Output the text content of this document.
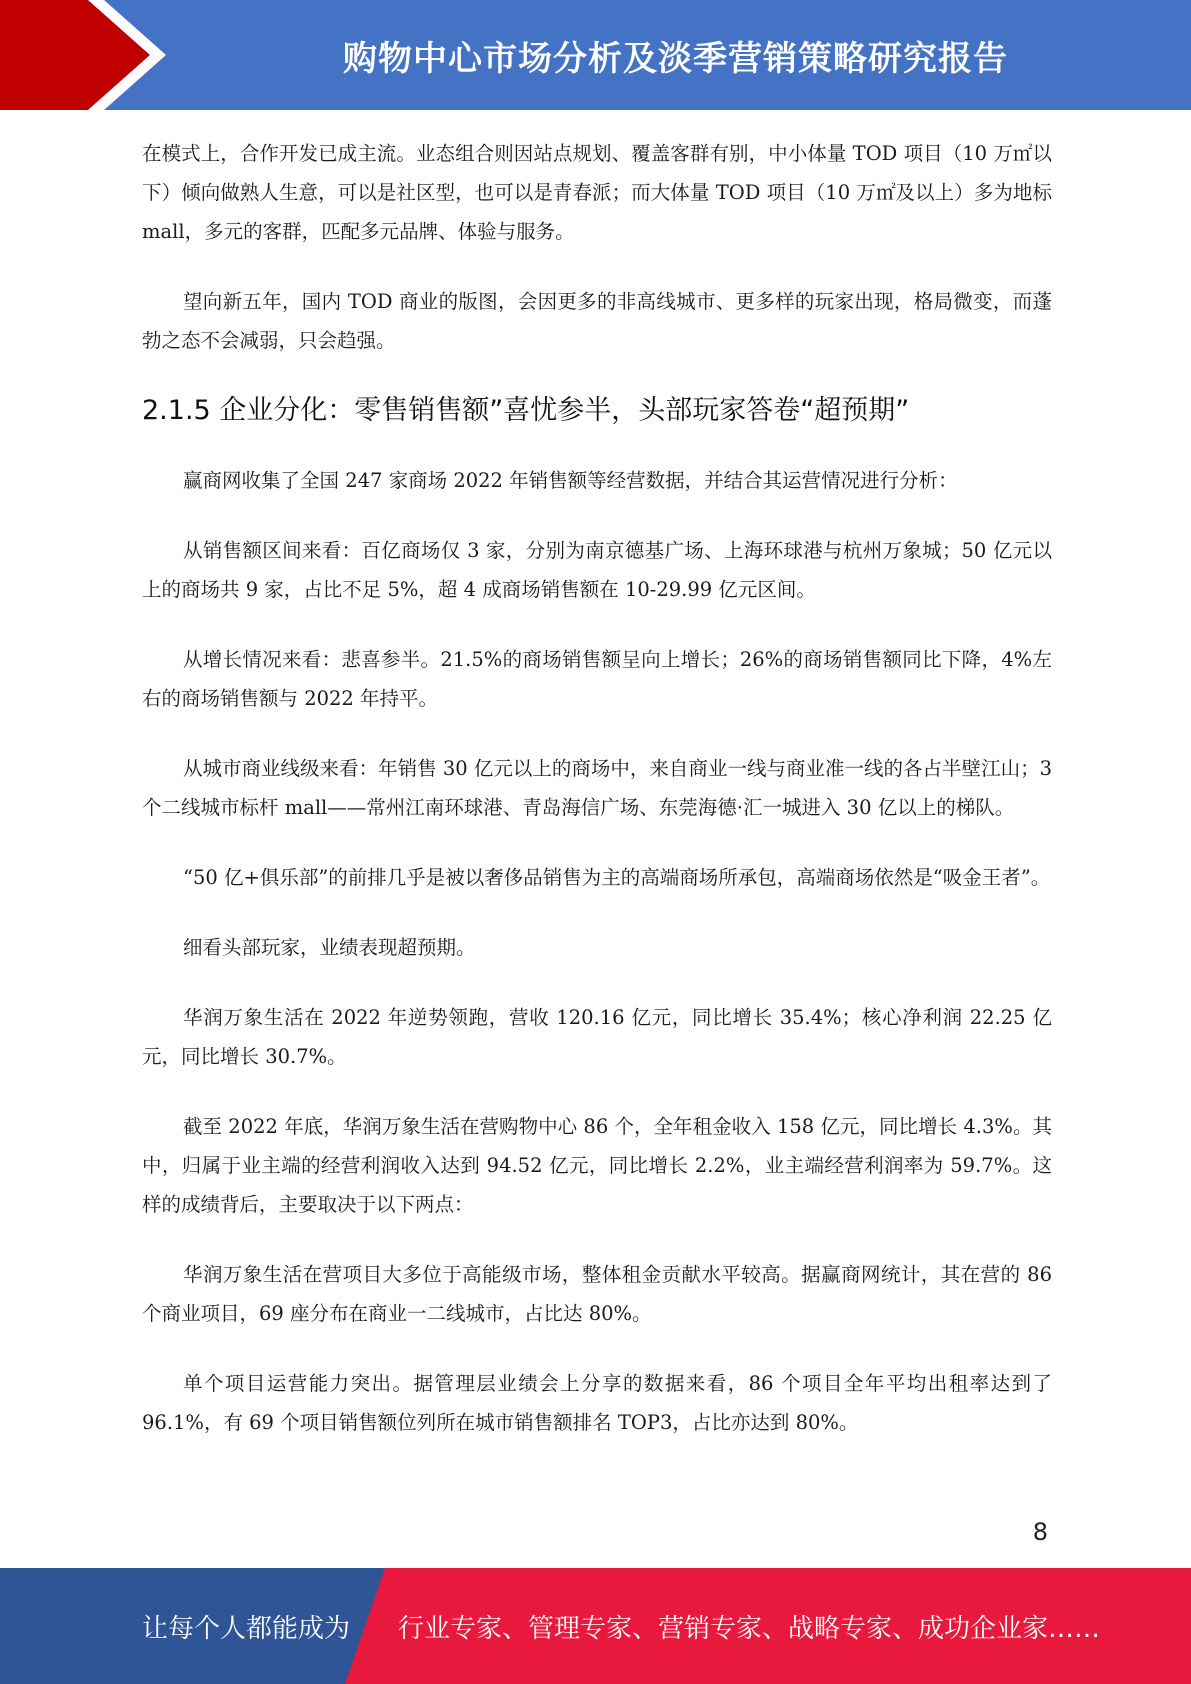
购物中心市场分析及淡季营销策略研究报告

在模式上，合作开发已成主流。业态组合则因站点规划、覆盖客群有别，中小体量 TOD 项目（10 万㎡以下）倾向做熟人生意，可以是社区型，也可以是青春派；而大体量 TOD 项目（10 万㎡及以上）多为地标 mall，多元的客群，匹配多元品牌、体验与服务。

望向新五年，国内 TOD 商业的版图，会因更多的非高线城市、更多样的玩家出现，格局微变，而蓬勃之态不会减弱，只会趋强。

2.1.5 企业分化：零售销售额”喜忧参半，头部玩家答卷“超预期”

赢商网收集了全国 247 家商场 2022 年销售额等经营数据，并结合其运营情况进行分析：

从销售额区间来看：百亿商场仅 3 家，分别为南京德基广场、上海环球港与杭州万象城；50 亿元以上的商场共 9 家，占比不足 5%，超 4 成商场销售额在 10-29.99 亿元区间。

从增长情况来看：悲喜参半。21.5%的商场销售额呈向上增长；26%的商场销售额同比下降，4%左右的商场销售额与 2022 年持平。

从城市商业线级来看：年销售 30 亿元以上的商场中，来自商业一线与商业准一线的各占半壁江山；3 个二线城市标杆 mall——常州江南环球港、青岛海信广场、东莞海德·汇一城进入 30 亿以上的梯队。

“50 亿+俱乐部”的前排几乎是被以奢侈品销售为主的高端商场所承包，高端商场依然是“吸金王者”。

细看头部玩家，业绩表现超预期。

华润万象生活在 2022 年逆势领跑，营收 120.16 亿元，同比增长 35.4%；核心净利润 22.25 亿元，同比增长 30.7%。

截至 2022 年底，华润万象生活在营购物中心 86 个，全年租金收入 158 亿元，同比增长 4.3%。其中，归属于业主端的经营利润收入达到 94.52 亿元，同比增长 2.2%，业主端经营利润率为 59.7%。这样的成绩背后，主要取决于以下两点：

华润万象生活在营项目大多位于高能级市场，整体租金贡献水平较高。据赢商网统计，其在营的 86 个商业项目，69 座分布在商业一二线城市，占比达 80%。

单个项目运营能力突出。据管理层业绩会上分享的数据来看，86 个项目全年平均出租率达到了 96.1%，有 69 个项目销售额位列所在城市销售额排名 TOP3，占比亦达到 80%。

8
让每个人都能成为 行业专家、管理专家、营销专家、战略专家、成功企业家……
